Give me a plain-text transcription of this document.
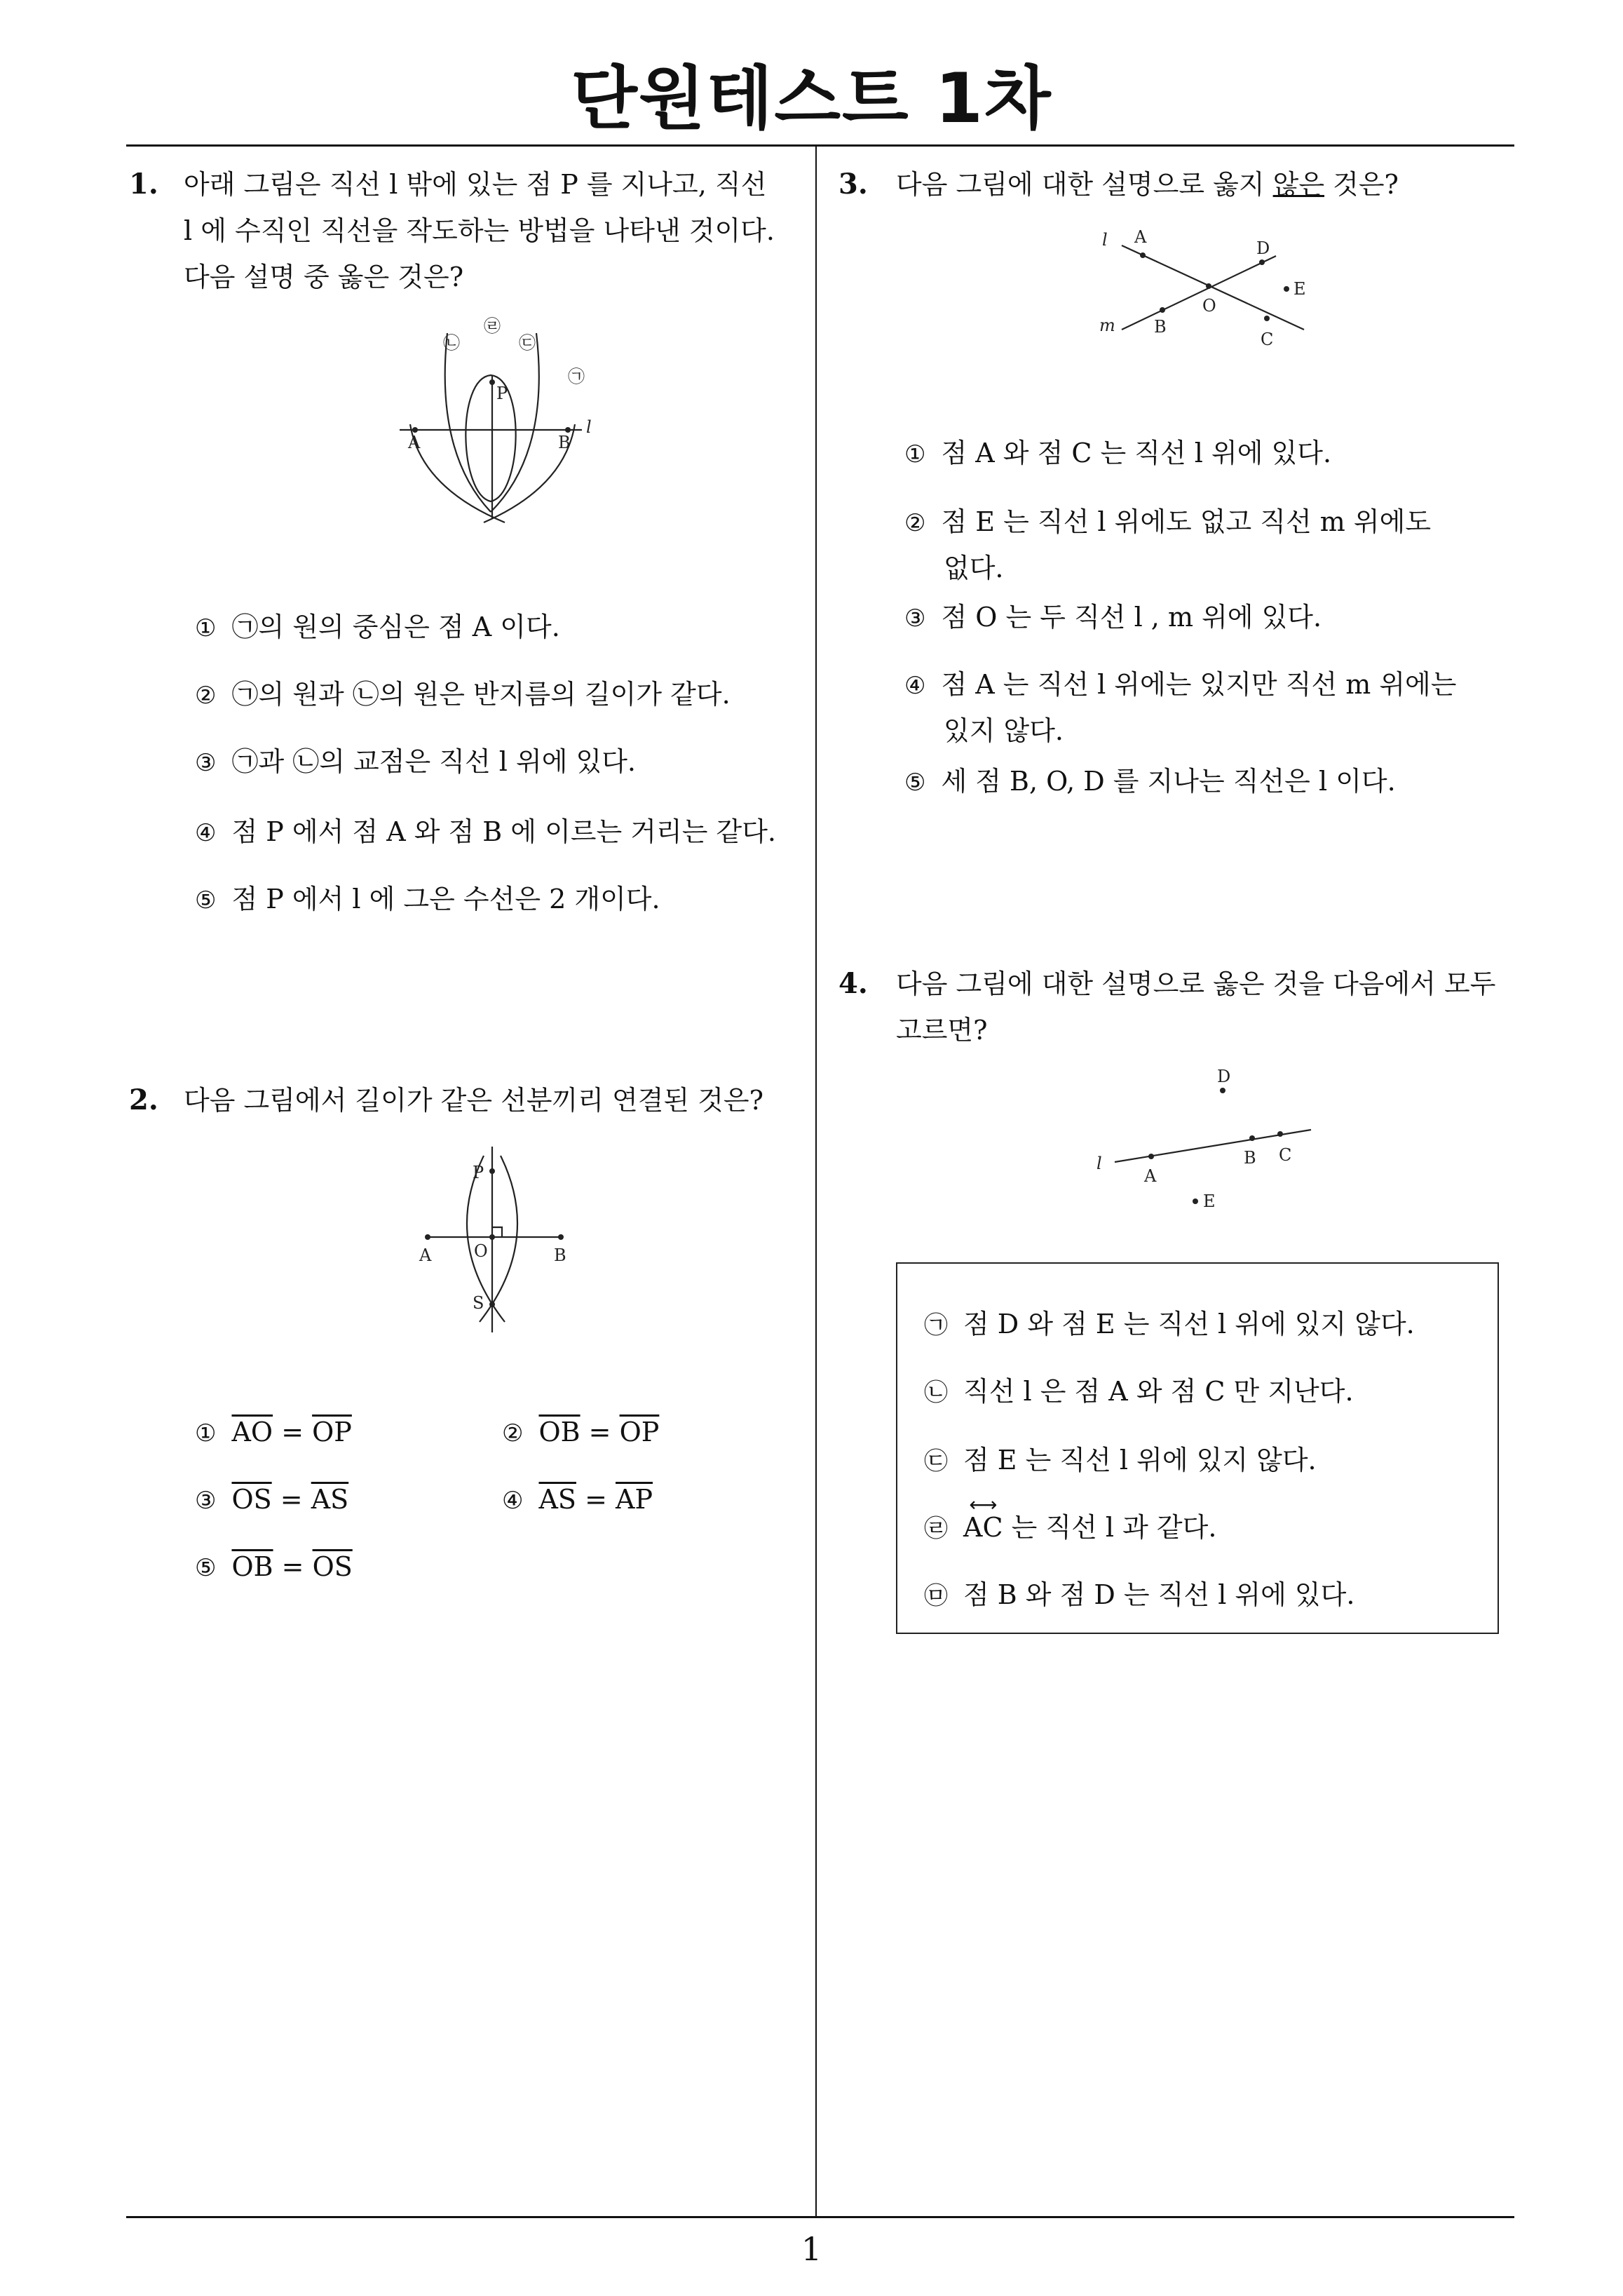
단원테스트 1차
1
1. 아래 그림은 직선 l 밖에 있는 점 P 를 지나고, 직선
l 에 수직인 직선을 작도하는 방법을 나타낸 것이다.
다음 설명 중 옳은 것은?
㉣
㉡	㉢
㉠
P
A	B
l
① ㉠의 원의 중심은 점 A 이다.
② ㉠의 원과 ㉡의 원은 반지름의 길이가 같다.
③ ㉠과 ㉡의 교점은 직선 l 위에 있다.
④ 점 P 에서 점 A 와 점 B 에 이르는 거리는 같다.
⑤ 점 P 에서 l 에 그은 수선은 2 개이다.
2. 다음 그림에서 길이가 같은 선분끼리 연결된 것은?
P
A	O	B
S
① $\overline{AO} = \overline{OP}$	② $\overline{OB} = \overline{OP}$
③ $\overline{OS} = \overline{AS}$	④ $\overline{AS} = \overline{AP}$
⑤ $\overline{OB} = \overline{OS}$
3. 다음 그림에 대한 설명으로 옳지 않은 것은?
l A
D
E
O
m B
C
① 점 A 와 점 C 는 직선 l 위에 있다.
② 점 E 는 직선 l 위에도 없고 직선 m 위에도
없다.
③ 점 O 는 두 직선 l , m 위에 있다.
④ 점 A 는 직선 l 위에는 있지만 직선 m 위에는
있지 않다.
⑤ 세 점 B, O, D 를 지나는 직선은 l 이다.
4. 다음 그림에 대한 설명으로 옳은 것을 다음에서 모두
고르면?
D
l
A
B C
E
㉠ 점 D 와 점 E 는 직선 l 위에 있지 않다.
㉡ 직선 l 은 점 A 와 점 C 만 지난다.
㉢ 점 E 는 직선 l 위에 있지 않다.
㉣
⟷
AC 는 직선 l 과 같다.
㉤ 점 B 와 점 D 는 직선 l 위에 있다.
